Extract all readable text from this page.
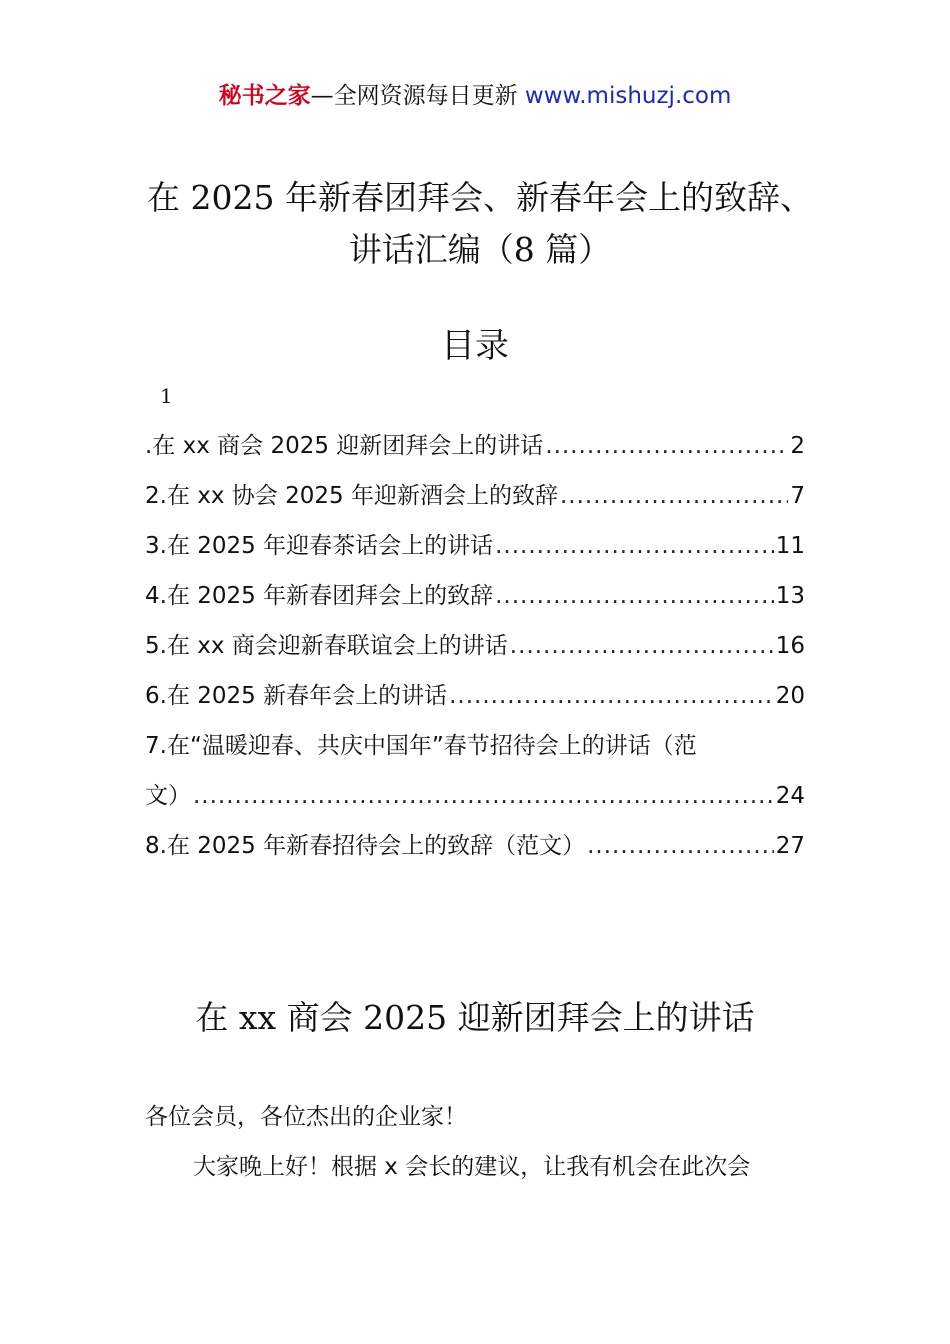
秘书之家—全网资源每日更新 www.mishuzj.com
在 2025 年新春团拜会、新春年会上的致辞、
讲话汇编（8 篇）
目录
1
.在 xx 商会 2025 迎新团拜会上的讲话 .....	2
2.在 xx 协会 2025 年迎新酒会上的致辞 .....	7
3.在 2025 年迎春茶话会上的讲话 .....	11
4.在 2025 年新春团拜会上的致辞 .....	13
5.在 xx 商会迎新春联谊会上的讲话 .....	16
6.在 2025 新春年会上的讲话 .....	20
7.在“温暖迎春、共庆中国年”春节招待会上的讲话（范
文） .....	24
8.在 2025 年新春招待会上的致辞（范文） .....	27
在 xx 商会 2025 迎新团拜会上的讲话
各位会员，各位杰出的企业家！
大家晚上好！根据 x 会长的建议，让我有机会在此次会
